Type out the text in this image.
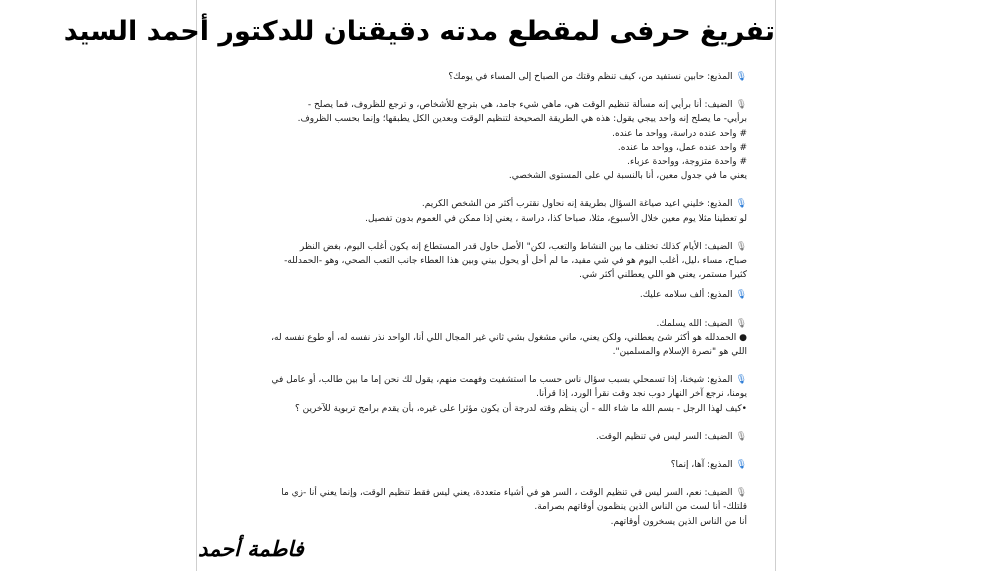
تفريغ حرفى لمقطع مدته دقيقتان للدكتور أحمد السيد
🎙المذيع: حابين نستفيد من، كيف تنظم وقتك من الصباح إلى المساء في يومك؟
🎙الضيف: أنا برأيي إنه مسألة تنظيم الوقت هي، ماهي شيء جامد، هي بترجع للأشخاص، و ترجع للظروف، فما يصلح -
برأيي- ما يصلح إنه واحد ييجي يقول: هذه هي الطريقة الصحيحة لتنظيم الوقت وبعدين الكل يطبقها؛ وإنما بحسب الظروف.
# واحد عنده دراسة، وواحد ما عنده.
# واحد عنده عمل، وواحد ما عنده.
# واحدة متزوجة، وواحدة عزباء.
يعني ما في جدول معين، أنا بالنسبة لي على المستوى الشخصي.
🎙المذيع: خليني اعيد صياغة السؤال بطريقة إنه نحاول نقترب أكثر من الشخص الكريم.
لو تعطينا مثلا يوم معين خلال الأسبوع، مثلا، صباحا كذا، دراسة ، يعني إذا ممكن في العموم بدون تفصيل.
🎙الضيف: الأيام كذلك تختلف ما بين النشاط والتعب، لكن" الأصل حاول قدر المستطاع إنه يكون أغلب اليوم، بغض النظر
صباح، مساء ،ليل، أغلب اليوم هو في شي مفيد، ما لم أحل أو يحول بيني وبين هذا العطاء جانب التعب الصحي، وهو -الحمدلله-
كثيرا مستمر، يعني هو اللي يعطلني أكثر شي.
🎙المذيع: ألف سلامه عليك.
🎙الضيف: الله يسلمك.
● الحمدلله هو أكثر شئ يعطلني، ولكن يعني، ماني مشغول بشي ثاني غير المجال اللي أنا، الواحد نذر نفسه له، أو طوع نفسه له،
اللي هو "نصرة الإسلام والمسلمين".
🎙المذيع: شيخنا، إذا تسمحلي بسبب سؤال ناس حسب ما استشفيت وفهمت منهم، يقول لك نحن إما ما بين طالب، أو عامل في
يومنا، نرجع آخر النهار دوب نجد وقت نقرأ الورد، إذا قرأنا.
•كيف لهذا الرجل - بسم الله ما شاء الله - أن ينظم وقته لدرجة أن يكون مؤثرا على غيره، بأن يقدم برامج تربوية للآخرين ؟
🎙الضيف: السر ليس في تنظيم الوقت.
🎙المذيع: آها، إنما؟
🎙الضيف: نعم، السر ليس في تنظيم الوقت ، السر هو في أشياء متعددة، يعني ليس فقط تنظيم الوقت، وإنما يعني أنا -زي ما
قلتلك- أنا لست من الناس الذين ينظمون أوقاتهم بصرامة.
أنا من الناس الذين يسخرون أوقاتهم.
فاطمة أحمد
